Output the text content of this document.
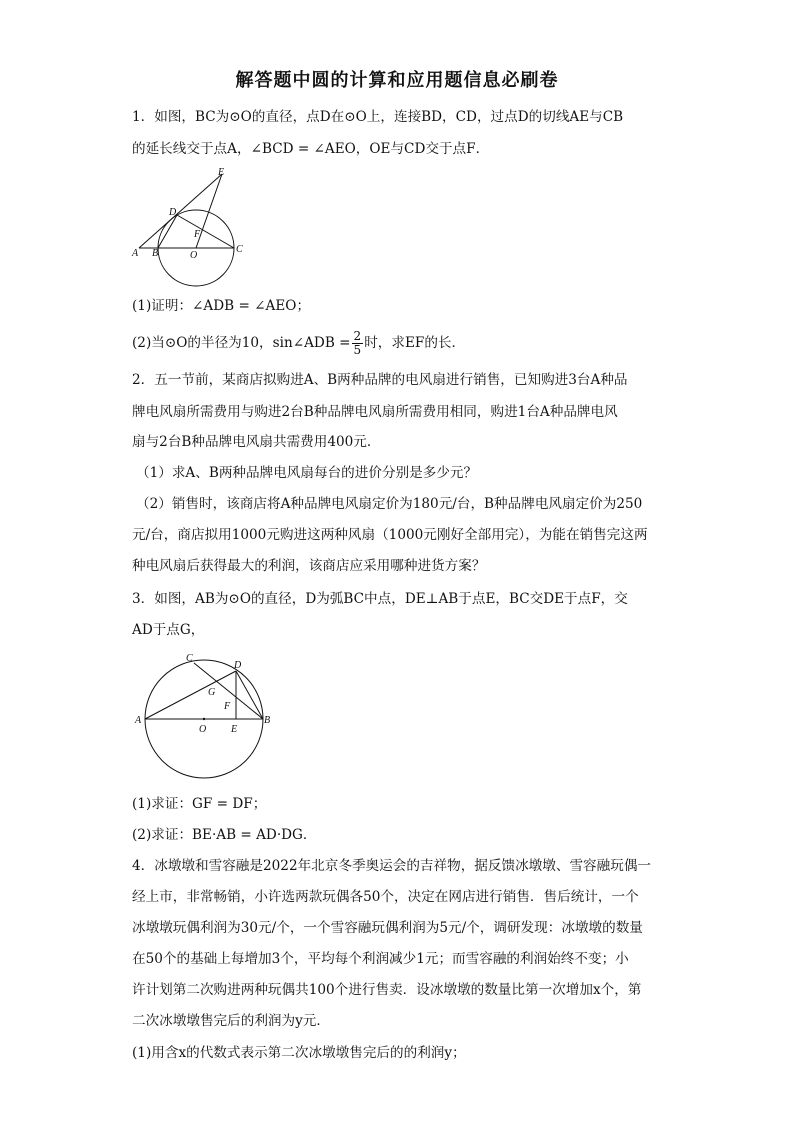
解答题中圆的计算和应用题信息必刷卷
1．如图，BC为⊙O的直径，点D在⊙O上，连接BD，CD，过点D的切线AE与CB
的延长线交于点A，∠BCD = ∠AEO，OE与CD交于点F．
E
D
F
A B	O
C
(1)证明：∠ADB = ∠AEO；
(2)当⊙O的半径为10，sin∠ADB = $\frac{2}{5}$ 时，求EF的长．
2．五一节前，某商店拟购进A、B两种品牌的电风扇进行销售，已知购进3台A种品
牌电风扇所需费用与购进2台B种品牌电风扇所需费用相同，购进1台A种品牌电风
扇与2台B种品牌电风扇共需费用400元．
（1）求A、B两种品牌电风扇每台的进价分别是多少元？
（2）销售时，该商店将A种品牌电风扇定价为180元/台，B种品牌电风扇定价为250
元/台，商店拟用1000元购进这两种风扇（1000元刚好全部用完），为能在销售完这两
种电风扇后获得最大的利润，该商店应采用哪种进货方案？
3．如图，AB为⊙O的直径，D为弧BC中点，DE⊥AB于点E，BC交DE于点F，交
AD于点G，
C
D
G
F
A	B
O E
(1)求证：GF = DF；
(2)求证：BE·AB = AD·DG．
4．冰墩墩和雪容融是2022年北京冬季奥运会的吉祥物，据反馈冰墩墩、雪容融玩偶一
经上市，非常畅销，小许选两款玩偶各50个，决定在网店进行销售．售后统计，一个
冰墩墩玩偶利润为30元/个，一个雪容融玩偶利润为5元/个，调研发现：冰墩墩的数量
在50个的基础上每增加3个，平均每个利润减少1元；而雪容融的利润始终不变；小
许计划第二次购进两种玩偶共100个进行售卖．设冰墩墩的数量比第一次增加x个，第
二次冰墩墩售完后的利润为y元．
(1)用含x的代数式表示第二次冰墩墩售完后的的利润y；
